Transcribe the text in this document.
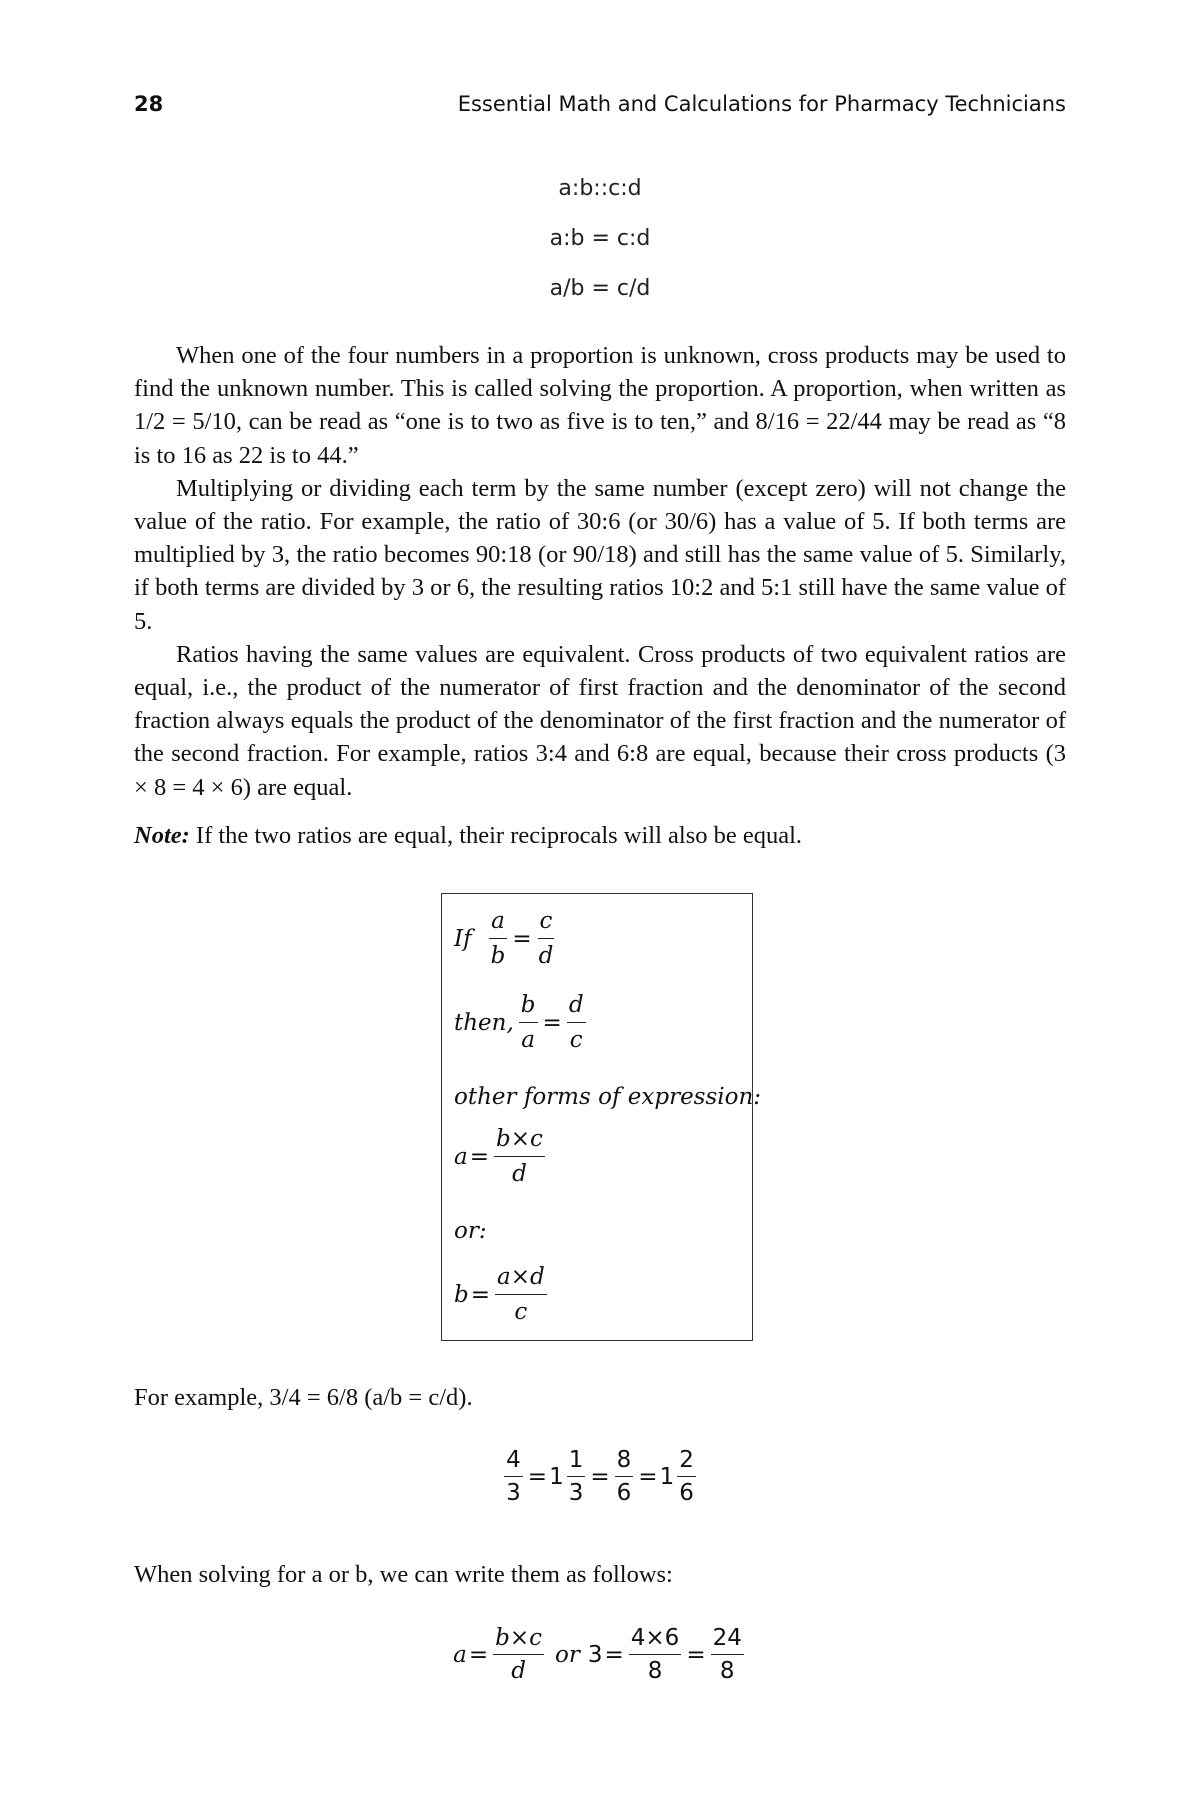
28	Essential Math and Calculations for Pharmacy Technicians
a:b::c:d
a:b = c:d
a/b = c/d

When one of the four numbers in a proportion is unknown, cross products may be used to find the unknown number. This is called solving the proportion. A proportion, when written as 1/2 = 5/10, can be read as “one is to two as five is to ten,” and 8/16 = 22/44 may be read as “8 is to 16 as 22 is to 44.”

Multiplying or dividing each term by the same number (except zero) will not change the value of the ratio. For example, the ratio of 30:6 (or 30/6) has a value of 5. If both terms are multiplied by 3, the ratio becomes 90:18 (or 90/18) and still has the same value of 5. Similarly, if both terms are divided by 3 or 6, the resulting ratios 10:2 and 5:1 still have the same value of 5.

Ratios having the same values are equivalent. Cross products of two equivalent ratios are equal, i.e., the product of the numerator of first fraction and the denominator of the second fraction always equals the product of the denominator of the first fraction and the numerator of the second fraction. For example, ratios 3:4 and 6:8 are equal, because their cross products (3 × 8 = 4 × 6) are equal.

Note: If the two ratios are equal, their reciprocals will also be equal.
If $\frac{a}{b} = \frac{c}{d}$
then, $\frac{b}{a} = \frac{d}{c}$
other forms of expression:
$a = \frac{b\times c}{d}$
or:
$b = \frac{a\times d}{c}$
For example, 3/4 = 6/8 (a/b = c/d).
$\frac{4}{3} = 1 \frac{1}{3} = \frac{8}{6} = 1 \frac{2}{6}$
When solving for a or b, we can write them as follows:
$a = \frac{b\times c}{d}$ or $3 = \frac{4\times 6}{8} = \frac{24}{8}$
